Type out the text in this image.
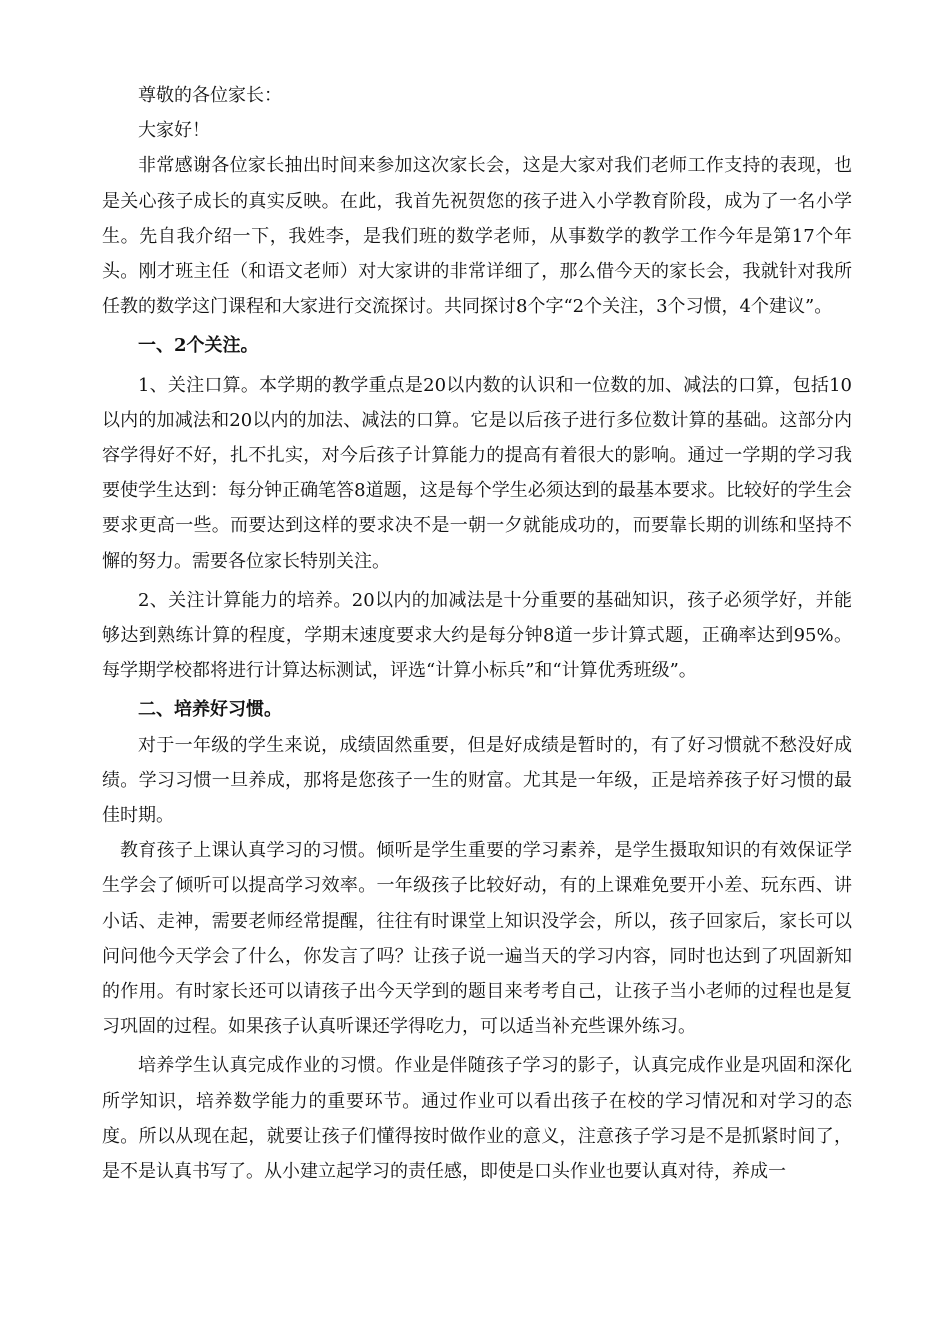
尊敬的各位家长：

大家好！

非常感谢各位家长抽出时间来参加这次家长会，这是大家对我们老师工作支持的表现，也是关心孩子成长的真实反映。在此，我首先祝贺您的孩子进入小学教育阶段，成为了一名小学生。先自我介绍一下，我姓李，是我们班的数学老师，从事数学的教学工作今年是第17个年头。刚才班主任（和语文老师）对大家讲的非常详细了，那么借今天的家长会，我就针对我所任教的数学这门课程和大家进行交流探讨。共同探讨8个字“2个关注，3个习惯，4个建议”。

一、2个关注。

1、关注口算。本学期的教学重点是20以内数的认识和一位数的加、减法的口算，包括10以内的加减法和20以内的加法、减法的口算。它是以后孩子进行多位数计算的基础。这部分内容学得好不好，扎不扎实，对今后孩子计算能力的提高有着很大的影响。通过一学期的学习我要使学生达到：每分钟正确笔答8道题，这是每个学生必须达到的最基本要求。比较好的学生会要求更高一些。而要达到这样的要求决不是一朝一夕就能成功的，而要靠长期的训练和坚持不懈的努力。需要各位家长特别关注。

2、关注计算能力的培养。20以内的加减法是十分重要的基础知识，孩子必须学好，并能够达到熟练计算的程度，学期末速度要求大约是每分钟8道一步计算式题，正确率达到95%。每学期学校都将进行计算达标测试，评选“计算小标兵”和“计算优秀班级”。

二、培养好习惯。

对于一年级的学生来说，成绩固然重要，但是好成绩是暂时的，有了好习惯就不愁没好成绩。学习习惯一旦养成，那将是您孩子一生的财富。尤其是一年级，正是培养孩子好习惯的最佳时期。

教育孩子上课认真学习的习惯。倾听是学生重要的学习素养，是学生摄取知识的有效保证学生学会了倾听可以提高学习效率。一年级孩子比较好动，有的上课难免要开小差、玩东西、讲小话、走神，需要老师经常提醒，往往有时课堂上知识没学会，所以，孩子回家后，家长可以问问他今天学会了什么，你发言了吗？让孩子说一遍当天的学习内容，同时也达到了巩固新知的作用。有时家长还可以请孩子出今天学到的题目来考考自己，让孩子当小老师的过程也是复习巩固的过程。如果孩子认真听课还学得吃力，可以适当补充些课外练习。

培养学生认真完成作业的习惯。作业是伴随孩子学习的影子，认真完成作业是巩固和深化所学知识，培养数学能力的重要环节。通过作业可以看出孩子在校的学习情况和对学习的态度。所以从现在起，就要让孩子们懂得按时做作业的意义，注意孩子学习是不是抓紧时间了，是不是认真书写了。从小建立起学习的责任感，即使是口头作业也要认真对待，养成一
